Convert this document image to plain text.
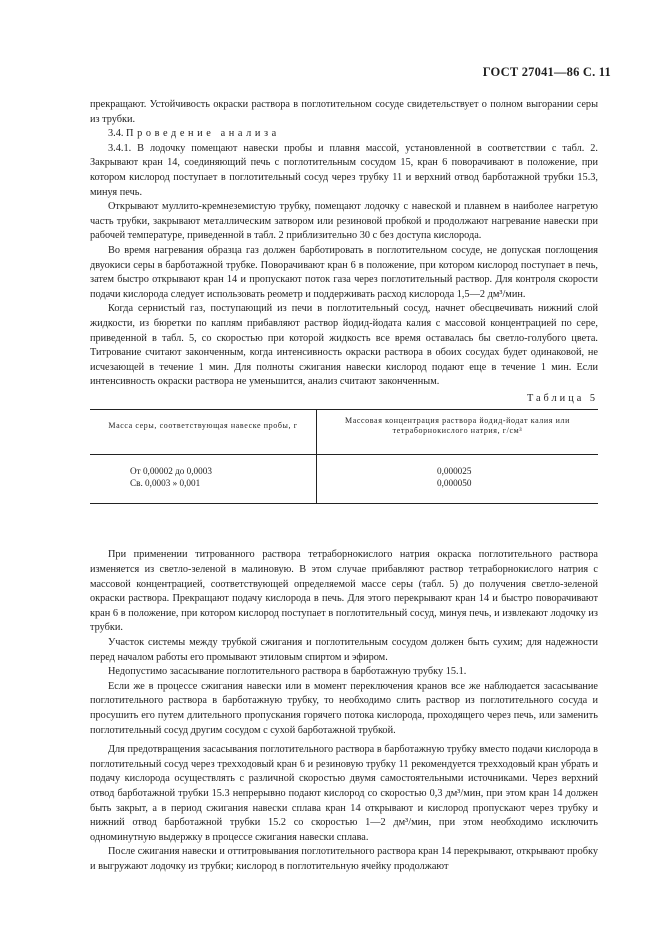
ГОСТ 27041—86 С. 11

прекращают. Устойчивость окраски раствора в поглотительном сосуде свидетельствует о полном выгорании серы из трубки.

3.4. Проведение анализа

3.4.1. В лодочку помещают навески пробы и плавня массой, установленной в соответствии с табл. 2. Закрывают кран 14, соединяющий печь с поглотительным сосудом 15, кран 6 поворачивают в положение, при котором кислород поступает в поглотительный сосуд через трубку 11 и верхний отвод барботажной трубки 15.3, минуя печь.

Открывают муллито-кремнеземистую трубку, помещают лодочку с навеской и плавнем в наиболее нагретую часть трубки, закрывают металлическим затвором или резиновой пробкой и продолжают нагревание навески при рабочей температуре, приведенной в табл. 2 приблизительно 30 с без доступа кислорода.

Во время нагревания образца газ должен барботировать в поглотительном сосуде, не допуская поглощения двуокиси серы в барботажной трубке. Поворачивают кран 6 в положение, при котором кислород поступает в печь, затем быстро открывают кран 14 и пропускают поток газа через поглотительный раствор. Для контроля скорости подачи кислорода следует использовать реометр и поддерживать расход кислорода 1,5—2 дм³/мин.

Когда сернистый газ, поступающий из печи в поглотительный сосуд, начнет обесцвечивать нижний слой жидкости, из бюретки по каплям прибавляют раствор йодид-йодата калия с массовой концентрацией по сере, приведенной в табл. 5, со скоростью при которой жидкость все время оставалась бы светло-голубого цвета. Титрование считают законченным, когда интенсивность окраски раствора в обоих сосудах будет одинаковой, не исчезающей в течение 1 мин. Для полноты сжигания навески кислород подают еще в течение 1 мин. Если интенсивность окраски раствора не уменьшится, анализ считают законченным.

Таблица 5
Масса серы, соответствующая навеске пробы, г	Массовая концентрация раствора йодид-йодат калия или тетраборнокислого натрия, г/см³
От 0,00002 до 0,0003	0,000025
Св. 0,0003 » 0,001	0,000050

При применении титрованного раствора тетраборнокислого натрия окраска поглотительного раствора изменяется из светло-зеленой в малиновую. В этом случае прибавляют раствор тетраборнокислого натрия с массовой концентрацией, соответствующей определяемой массе серы (табл. 5) до получения светло-зеленой окраски раствора. Прекращают подачу кислорода в печь. Для этого перекрывают кран 14 и быстро поворачивают кран 6 в положение, при котором кислород поступает в поглотительный сосуд, минуя печь, и извлекают лодочку из трубки.

Участок системы между трубкой сжигания и поглотительным сосудом должен быть сухим; для надежности перед началом работы его промывают этиловым спиртом и эфиром.

Недопустимо засасывание поглотительного раствора в барботажную трубку 15.1.

Если же в процессе сжигания навески или в момент переключения кранов все же наблюдается засасывание поглотительного раствора в барботажную трубку, то необходимо слить раствор из поглотительного сосуда и просушить его путем длительного пропускания горячего потока кислорода, проходящего через печь, или заменить поглотительный сосуд другим сосудом с сухой барботажной трубкой.

Для предотвращения засасывания поглотительного раствора в барботажную трубку вместо подачи кислорода в поглотительный сосуд через трехходовый кран 6 и резиновую трубку 11 рекомендуется трехходовый кран убрать и подачу кислорода осуществлять с различной скоростью двумя самостоятельными источниками. Через верхний отвод барботажной трубки 15.3 непрерывно подают кислород со скоростью 0,3 дм³/мин, при этом кран 14 должен быть закрыт, а в период сжигания навески сплава кран 14 открывают и кислород пропускают через трубку и нижний отвод барботажной трубки 15.2 со скоростью 1—2 дм³/мин, при этом необходимо исключить одноминутную выдержку в процессе сжигания навески сплава.

После сжигания навески и оттитровывания поглотительного раствора кран 14 перекрывают, открывают пробку и выгружают лодочку из трубки; кислород в поглотительную ячейку продолжают
